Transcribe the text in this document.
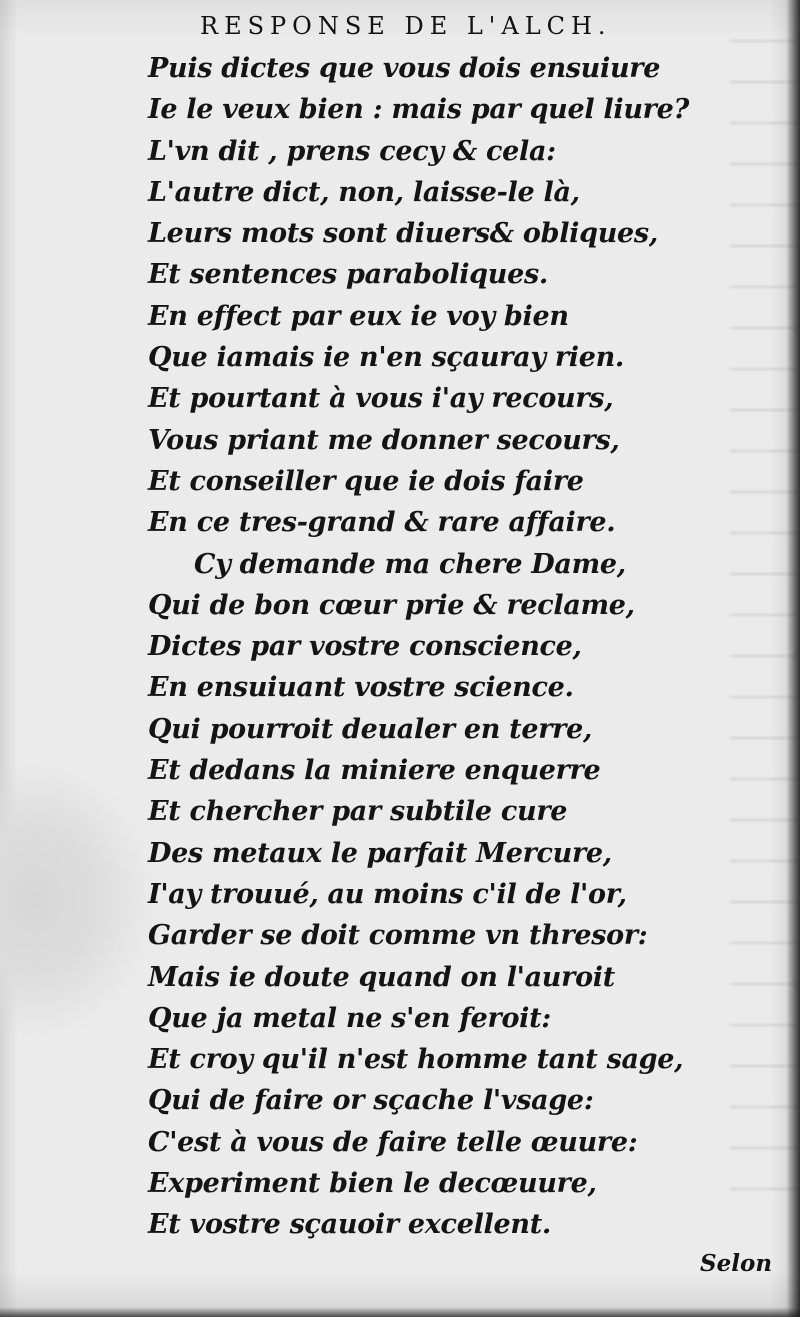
RESPONSE DE L'ALCH.
Puis dictes que vous dois ensuiure
Ie le veux bien : mais par quel liure?
L'vn dit , prens cecy & cela:
L'autre dict, non, laisse-le là,
Leurs mots sont diuers& obliques,
Et sentences paraboliques.
En effect par eux ie voy bien
Que iamais ie n'en sçauray rien.
Et pourtant à vous i'ay recours,
Vous priant me donner secours,
Et conseiller que ie dois faire
En ce tres-grand & rare affaire.
Cy demande ma chere Dame,
Qui de bon cœur prie & reclame,
Dictes par vostre conscience,
En ensuiuant vostre science.
Qui pourroit deualer en terre,
Et dedans la miniere enquerre
Et chercher par subtile cure
Des metaux le parfait Mercure,
I'ay trouué, au moins c'il de l'or,
Garder se doit comme vn thresor:
Mais ie doute quand on l'auroit
Que ja metal ne s'en feroit:
Et croy qu'il n'est homme tant sage,
Qui de faire or sçache l'vsage:
C'est à vous de faire telle œuure:
Experiment bien le decœuure,
Et vostre sçauoir excellent.
Selon
